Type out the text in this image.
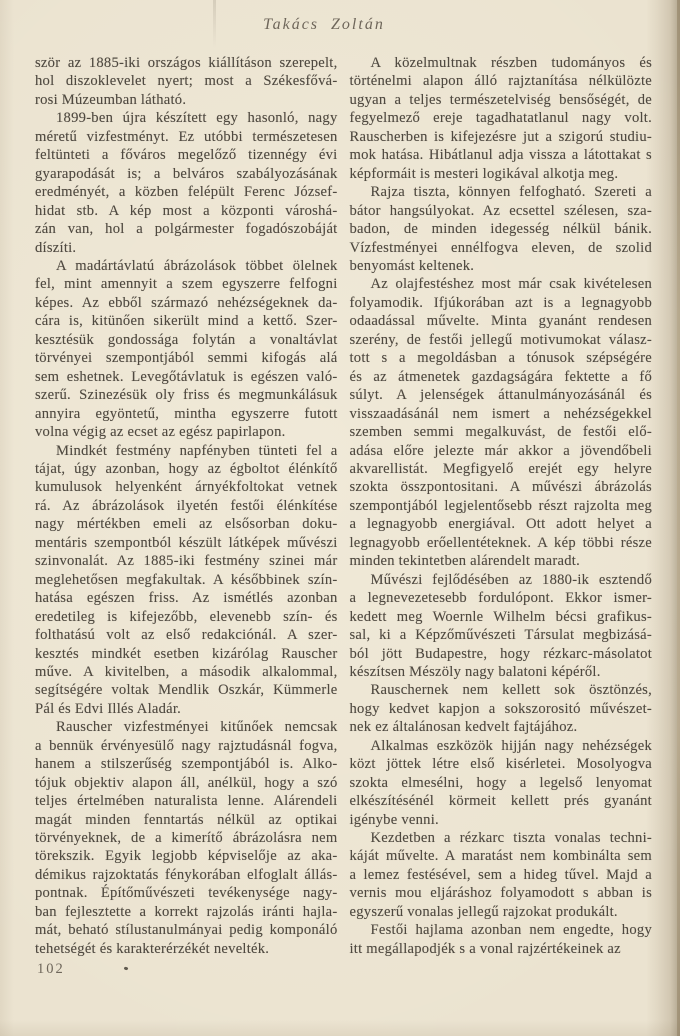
Takács Zoltán
ször az 1885-iki országos kiállításon szerepelt,
hol diszoklevelet nyert; most a Székesfővá-
rosi Múzeumban látható.
1899-ben újra készített egy hasonló, nagy
méretű vizfestményt. Ez utóbbi természetesen
feltünteti a főváros megelőző tizennégy évi
gyarapodását is; a belváros szabályozásának
eredményét, a közben felépült Ferenc József-
hidat stb. A kép most a központi városhá-
zán van, hol a polgármester fogadószobáját
díszíti.
A madártávlatú ábrázolások többet ölelnek
fel, mint amennyit a szem egyszerre felfogni
képes. Az ebből származó nehézségeknek da-
cára is, kitünően sikerült mind a kettő. Szer-
kesztésük gondossága folytán a vonaltávlat
törvényei szempontjából semmi kifogás alá
sem eshetnek. Levegőtávlatuk is egészen való-
szerű. Szinezésük oly friss és megmunkálásuk
annyira egyöntetű, mintha egyszerre futott
volna végig az ecset az egész papirlapon.
Mindkét festmény napfényben tünteti fel a
tájat, úgy azonban, hogy az égboltot élénkítő
kumulusok helyenként árnyékfoltokat vetnek
rá. Az ábrázolások ilyetén festői élénkítése
nagy mértékben emeli az elsősorban doku-
mentáris szempontból készült látképek művészi
szinvonalát. Az 1885-iki festmény szinei már
meglehetősen megfakultak. A későbbinek szín-
hatása egészen friss. Az ismétlés azonban
eredetileg is kifejezőbb, elevenebb szín- és
folthatású volt az első redakciónál. A szer-
kesztés mindkét esetben kizárólag Rauscher
műve. A kivitelben, a második alkalommal,
segítségére voltak Mendlik Oszkár, Kümmerle
Pál és Edvi Illés Aladár.
Rauscher vizfestményei kitűnőek nemcsak
a bennük érvényesülő nagy rajztudásnál fogva,
hanem a stilszerűség szempontjából is. Alko-
tójuk objektiv alapon áll, anélkül, hogy a szó
teljes értelmében naturalista lenne. Alárendeli
magát minden fenntartás nélkül az optikai
törvényeknek, de a kimerítő ábrázolásra nem
törekszik. Egyik legjobb képviselője az aka-
démikus rajzoktatás fénykorában elfoglalt állás-
pontnak. Építőművészeti tevékenysége nagy-
ban fejlesztette a korrekt rajzolás iránti hajla-
mát, beható stílustanulmányai pedig komponáló
tehetségét és karakterérzékét nevelték.
A közelmultnak részben tudományos és
történelmi alapon álló rajztanítása nélkülözte
ugyan a teljes természetelviség bensőségét, de
fegyelmező ereje tagadhatatlanul nagy volt.
Rauscherben is kifejezésre jut a szigorú studiu-
mok hatása. Hibátlanul adja vissza a látottakat s
képformáit is mesteri logikával alkotja meg.
Rajza tiszta, könnyen felfogható. Szereti a
bátor hangsúlyokat. Az ecsettel szélesen, sza-
badon, de minden idegesség nélkül bánik.
Vízfestményei ennélfogva eleven, de szolid
benyomást keltenek.
Az olajfestéshez most már csak kivételesen
folyamodik. Ifjúkorában azt is a legnagyobb
odaadással művelte. Minta gyanánt rendesen
szerény, de festői jellegű motivumokat válasz-
tott s a megoldásban a tónusok szépségére
és az átmenetek gazdagságára fektette a fő
súlyt. A jelenségek áttanulmányozásánál és
visszaadásánál nem ismert a nehézségekkel
szemben semmi megalkuvást, de festői elő-
adása előre jelezte már akkor a jövendőbeli
akvarellistát. Megfigyelő erejét egy helyre
szokta összpontositani. A művészi ábrázolás
szempontjából legjelentősebb részt rajzolta meg
a legnagyobb energiával. Ott adott helyet a
legnagyobb erőellentéteknek. A kép többi része
minden tekintetben alárendelt maradt.
Művészi fejlődésében az 1880-ik esztendő
a legnevezetesebb fordulópont. Ekkor ismer-
kedett meg Woernle Wilhelm bécsi grafikus-
sal, ki a Képzőművészeti Társulat megbizásá-
ból jött Budapestre, hogy rézkarc-másolatot
készítsen Mészöly nagy balatoni képéről.
Rauschernek nem kellett sok ösztönzés,
hogy kedvet kapjon a sokszorositó művészet-
nek ez általánosan kedvelt fajtájához.
Alkalmas eszközök hijján nagy nehézségek
közt jöttek létre első kisérletei. Mosolyogva
szokta elmesélni, hogy a legelső lenyomat
elkészítésénél körmeit kellett prés gyanánt
igénybe venni.
Kezdetben a rézkarc tiszta vonalas techni-
káját művelte. A maratást nem kombinálta sem
a lemez festésével, sem a hideg tűvel. Majd a
vernis mou eljáráshoz folyamodott s abban is
egyszerű vonalas jellegű rajzokat produkált.
Festői hajlama azonban nem engedte, hogy
itt megállapodjék s a vonal rajzértékeinek az
102
